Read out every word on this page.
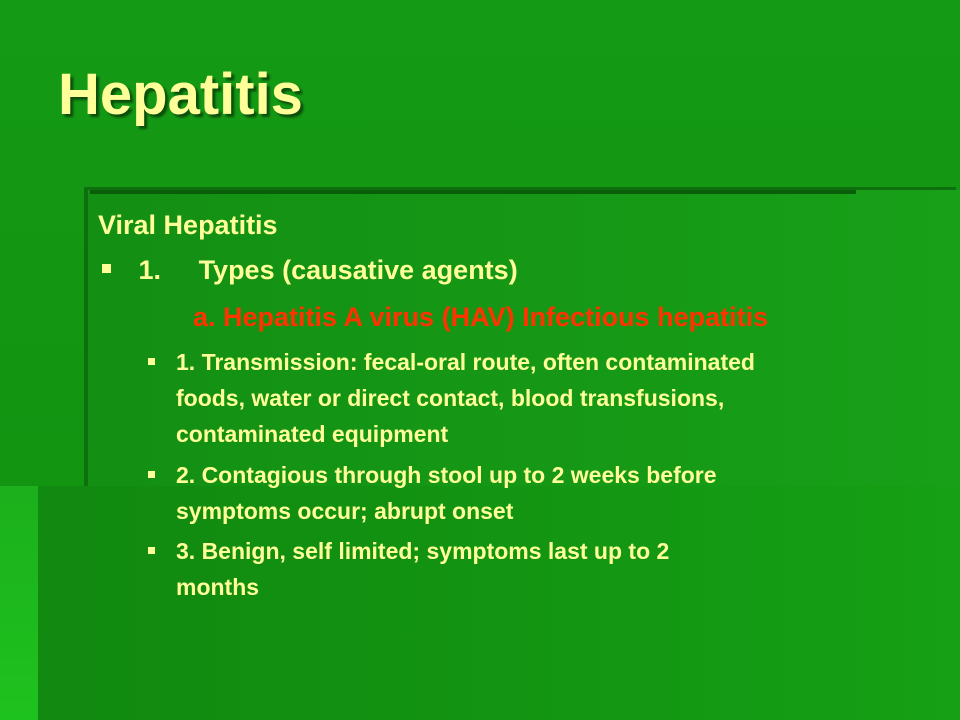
Hepatitis
Viral Hepatitis
1. Types (causative agents)
a. Hepatitis A virus (HAV) Infectious hepatitis
1. Transmission: fecal-oral route, often contaminated
foods, water or direct contact, blood transfusions,
contaminated equipment
2. Contagious through stool up to 2 weeks before
symptoms occur; abrupt onset
3. Benign, self limited; symptoms last up to 2
months
